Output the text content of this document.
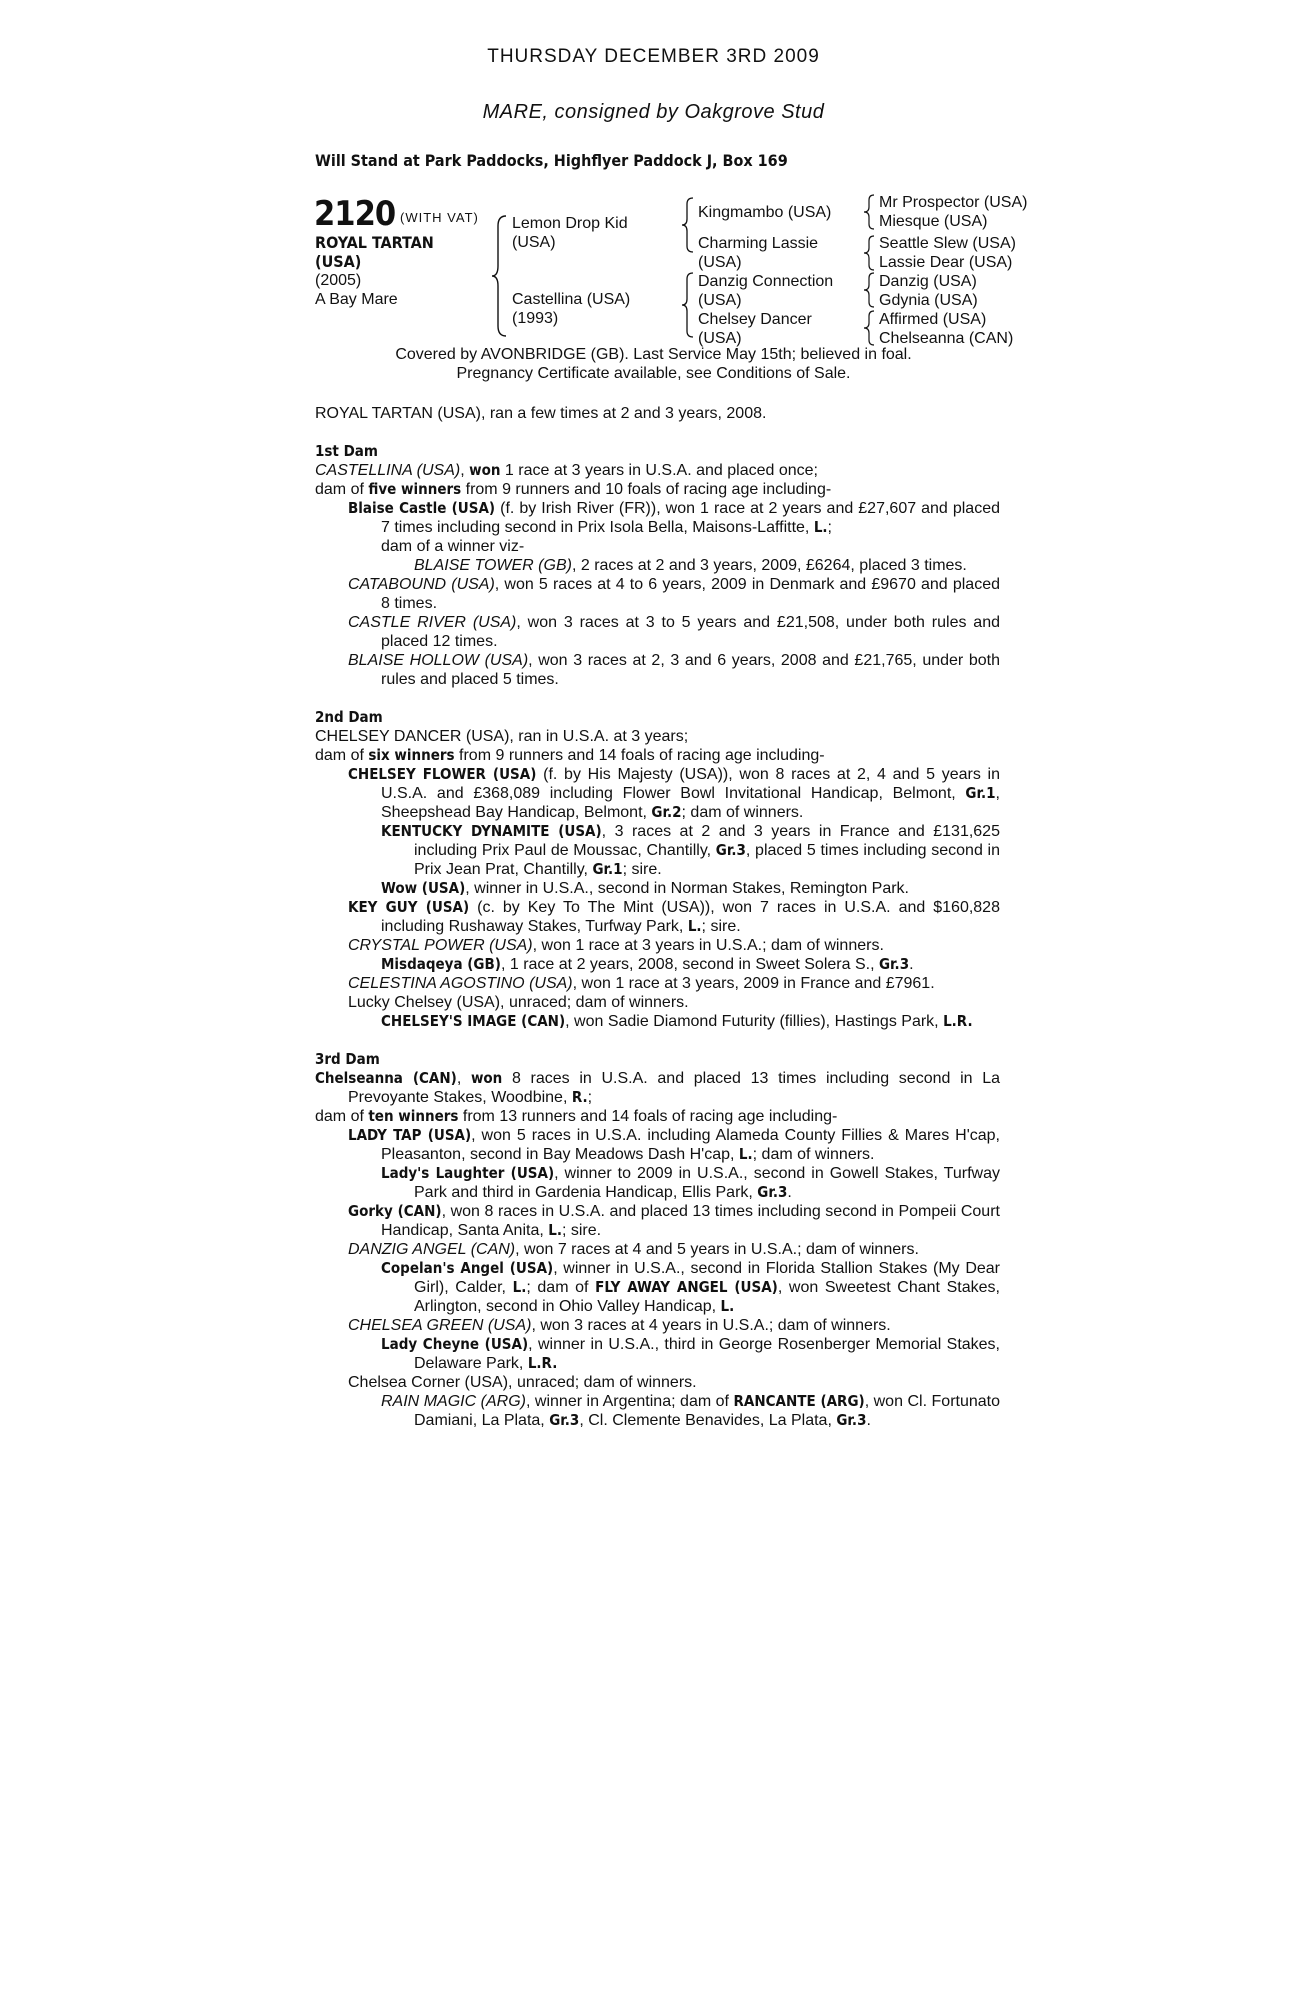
THURSDAY DECEMBER 3RD 2009
MARE, consigned by Oakgrove Stud
Will Stand at Park Paddocks, Highflyer Paddock J, Box 169
2120 (WITH VAT)
ROYAL TARTAN
(USA)
(2005)
A Bay Mare
Lemon Drop Kid
(USA)
Castellina (USA)
(1993)
Kingmambo (USA)
Charming Lassie
(USA)
Danzig Connection
(USA)
Chelsey Dancer
(USA)
Mr Prospector (USA)
Miesque (USA)
Seattle Slew (USA)
Lassie Dear (USA)
Danzig (USA)
Gdynia (USA)
Affirmed (USA)
Chelseanna (CAN)
Covered by AVONBRIDGE (GB). Last Service May 15th; believed in foal.
Pregnancy Certificate available, see Conditions of Sale.
ROYAL TARTAN (USA), ran a few times at 2 and 3 years, 2008.
1st Dam
CASTELLINA (USA), won 1 race at 3 years in U.S.A. and placed once;
dam of five winners from 9 runners and 10 foals of racing age including-
Blaise Castle (USA) (f. by Irish River (FR)), won 1 race at 2 years and £27,607 and placed 7 times including second in Prix Isola Bella, Maisons-Laffitte, L.;
dam of a winner viz-
BLAISE TOWER (GB), 2 races at 2 and 3 years, 2009, £6264, placed 3 times.
CATABOUND (USA), won 5 races at 4 to 6 years, 2009 in Denmark and £9670 and placed 8 times.
CASTLE RIVER (USA), won 3 races at 3 to 5 years and £21,508, under both rules and placed 12 times.
BLAISE HOLLOW (USA), won 3 races at 2, 3 and 6 years, 2008 and £21,765, under both rules and placed 5 times.
2nd Dam
CHELSEY DANCER (USA), ran in U.S.A. at 3 years;
dam of six winners from 9 runners and 14 foals of racing age including-
CHELSEY FLOWER (USA) (f. by His Majesty (USA)), won 8 races at 2, 4 and 5 years in U.S.A. and £368,089 including Flower Bowl Invitational Handicap, Belmont, Gr.1, Sheepshead Bay Handicap, Belmont, Gr.2; dam of winners.
KENTUCKY DYNAMITE (USA), 3 races at 2 and 3 years in France and £131,625 including Prix Paul de Moussac, Chantilly, Gr.3, placed 5 times including second in Prix Jean Prat, Chantilly, Gr.1; sire.
Wow (USA), winner in U.S.A., second in Norman Stakes, Remington Park.
KEY GUY (USA) (c. by Key To The Mint (USA)), won 7 races in U.S.A. and $160,828 including Rushaway Stakes, Turfway Park, L.; sire.
CRYSTAL POWER (USA), won 1 race at 3 years in U.S.A.; dam of winners.
Misdaqeya (GB), 1 race at 2 years, 2008, second in Sweet Solera S., Gr.3.
CELESTINA AGOSTINO (USA), won 1 race at 3 years, 2009 in France and £7961.
Lucky Chelsey (USA), unraced; dam of winners.
CHELSEY'S IMAGE (CAN), won Sadie Diamond Futurity (fillies), Hastings Park, L.R.
3rd Dam
Chelseanna (CAN), won 8 races in U.S.A. and placed 13 times including second in La Prevoyante Stakes, Woodbine, R.;
dam of ten winners from 13 runners and 14 foals of racing age including-
LADY TAP (USA), won 5 races in U.S.A. including Alameda County Fillies & Mares H'cap, Pleasanton, second in Bay Meadows Dash H'cap, L.; dam of winners.
Lady's Laughter (USA), winner to 2009 in U.S.A., second in Gowell Stakes, Turfway Park and third in Gardenia Handicap, Ellis Park, Gr.3.
Gorky (CAN), won 8 races in U.S.A. and placed 13 times including second in Pompeii Court Handicap, Santa Anita, L.; sire.
DANZIG ANGEL (CAN), won 7 races at 4 and 5 years in U.S.A.; dam of winners.
Copelan's Angel (USA), winner in U.S.A., second in Florida Stallion Stakes (My Dear Girl), Calder, L.; dam of FLY AWAY ANGEL (USA), won Sweetest Chant Stakes, Arlington, second in Ohio Valley Handicap, L.
CHELSEA GREEN (USA), won 3 races at 4 years in U.S.A.; dam of winners.
Lady Cheyne (USA), winner in U.S.A., third in George Rosenberger Memorial Stakes, Delaware Park, L.R.
Chelsea Corner (USA), unraced; dam of winners.
RAIN MAGIC (ARG), winner in Argentina; dam of RANCANTE (ARG), won Cl. Fortunato Damiani, La Plata, Gr.3, Cl. Clemente Benavides, La Plata, Gr.3.
